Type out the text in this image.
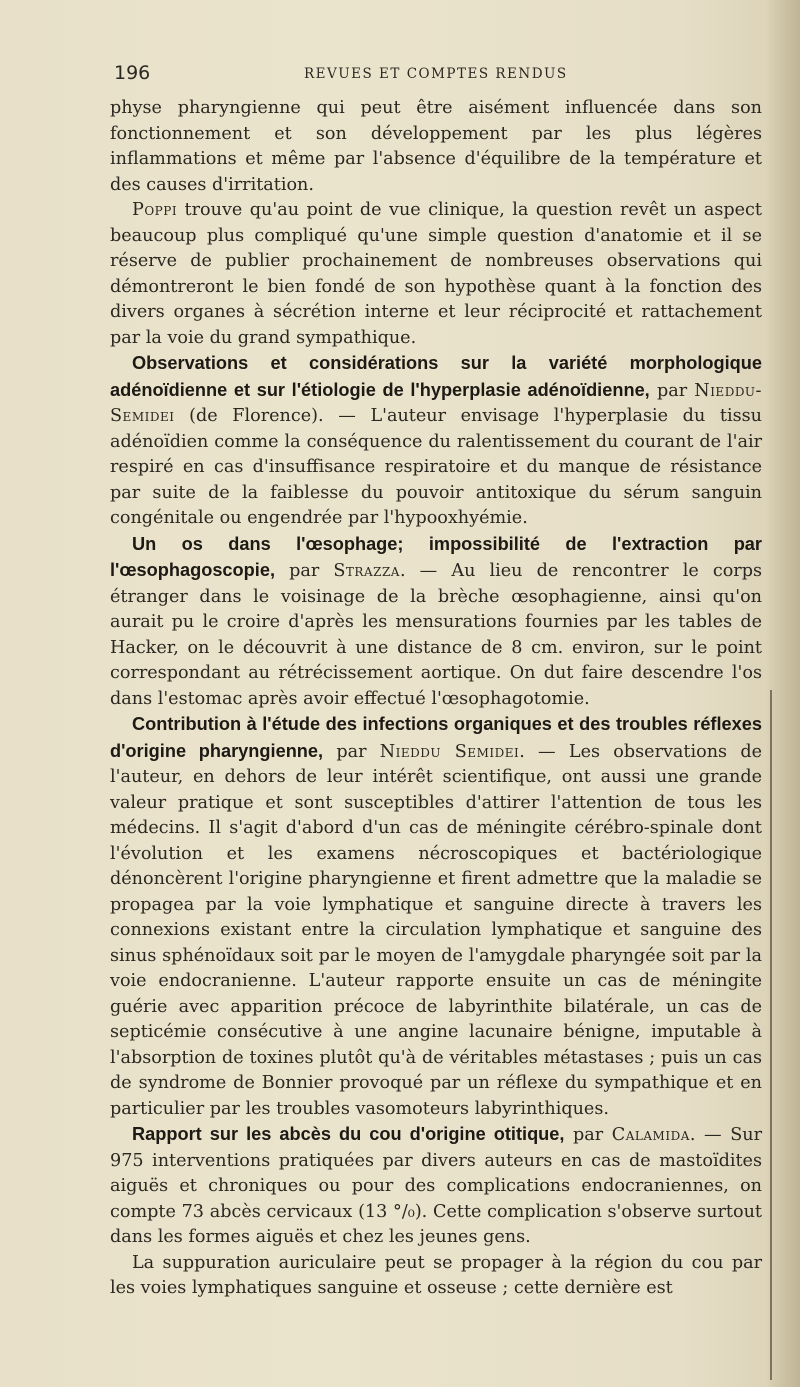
196	REVUES ET COMPTES RENDUS

physe pharyngienne qui peut être aisément influencée dans son fonctionnement et son développement par les plus légères inflammations et même par l'absence d'équilibre de la température et des causes d'irritation.

Poppi trouve qu'au point de vue clinique, la question revêt un aspect beaucoup plus compliqué qu'une simple question d'anatomie et il se réserve de publier prochainement de nombreuses observations qui démontreront le bien fondé de son hypothèse quant à la fonction des divers organes à sécrétion interne et leur réciprocité et rattachement par la voie du grand sympathique.

Observations et considérations sur la variété morphologique adénoïdienne et sur l'étiologie de l'hyperplasie adénoïdienne, par Nieddu-Semidei (de Florence). — L'auteur envisage l'hyperplasie du tissu adénoïdien comme la conséquence du ralentissement du courant de l'air respiré en cas d'insuffisance respiratoire et du manque de résistance par suite de la faiblesse du pouvoir antitoxique du sérum sanguin congénitale ou engendrée par l'hypooxhyémie.

Un os dans l'œsophage; impossibilité de l'extraction par l'œsophagoscopie, par Strazza. — Au lieu de rencontrer le corps étranger dans le voisinage de la brèche œsophagienne, ainsi qu'on aurait pu le croire d'après les mensurations fournies par les tables de Hacker, on le découvrit à une distance de 8 cm. environ, sur le point correspondant au rétrécissement aortique. On dut faire descendre l'os dans l'estomac après avoir effectué l'œsophagotomie.

Contribution à l'étude des infections organiques et des troubles réflexes d'origine pharyngienne, par Nieddu Semidei. — Les observations de l'auteur, en dehors de leur intérêt scientifique, ont aussi une grande valeur pratique et sont susceptibles d'attirer l'attention de tous les médecins. Il s'agit d'abord d'un cas de méningite cérébro-spinale dont l'évolution et les examens nécroscopiques et bactériologique dénoncèrent l'origine pharyngienne et firent admettre que la maladie se propagea par la voie lymphatique et sanguine directe à travers les connexions existant entre la circulation lymphatique et sanguine des sinus sphénoïdaux soit par le moyen de l'amygdale pharyngée soit par la voie endocranienne. L'auteur rapporte ensuite un cas de méningite guérie avec apparition précoce de labyrinthite bilatérale, un cas de septicémie consécutive à une angine lacunaire bénigne, imputable à l'absorption de toxines plutôt qu'à de véritables métastases ; puis un cas de syndrome de Bonnier provoqué par un réflexe du sympathique et en particulier par les troubles vasomoteurs labyrinthiques.

Rapport sur les abcès du cou d'origine otitique, par Calamida. — Sur 975 interventions pratiquées par divers auteurs en cas de mastoïdites aiguës et chroniques ou pour des complications endocraniennes, on compte 73 abcès cervicaux (13 °/₀). Cette complication s'observe surtout dans les formes aiguës et chez les jeunes gens.

La suppuration auriculaire peut se propager à la région du cou par les voies lymphatiques sanguine et osseuse ; cette dernière est
